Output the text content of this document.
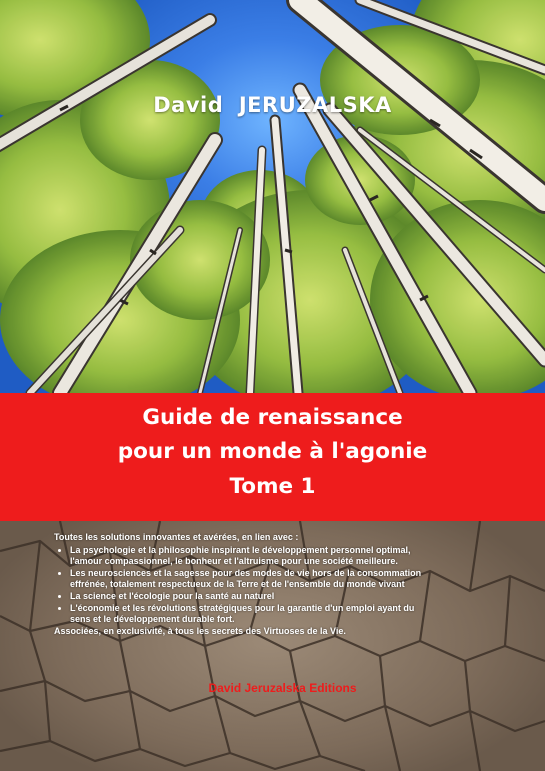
David  JERUZALSKA
Guide de renaissance
pour un monde à l'agonie
Tome 1
Toutes les solutions innovantes et avérées, en lien avec :
• La psychologie et la philosophie inspirant le développement personnel optimal,
l'amour compassionnel, le bonheur et l'altruisme pour une société meilleure.
• Les neurosciences et la sagesse pour des modes de vie hors de la consommation
effrénée, totalement respectueux de la Terre et de l'ensemble du monde vivant
• La science et l'écologie pour la santé au naturel
• L'économie et les révolutions stratégiques pour la garantie d'un emploi ayant du
sens et le développement durable fort.
Associées, en exclusivité, à tous les secrets des Virtuoses de la Vie.
David Jeruzalska Editions
